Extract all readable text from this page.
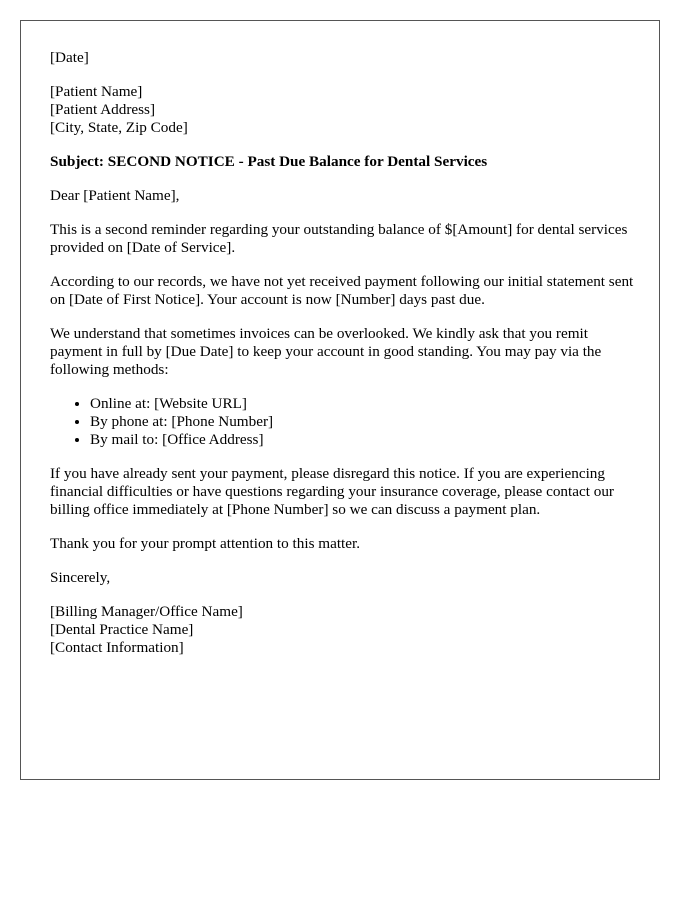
[Date]

[Patient Name]
[Patient Address]
[City, State, Zip Code]

Subject: SECOND NOTICE - Past Due Balance for Dental Services

Dear [Patient Name],

This is a second reminder regarding your outstanding balance of $[Amount] for dental services provided on [Date of Service].

According to our records, we have not yet received payment following our initial statement sent on [Date of First Notice]. Your account is now [Number] days past due.

We understand that sometimes invoices can be overlooked. We kindly ask that you remit payment in full by [Due Date] to keep your account in good standing. You may pay via the following methods:

• Online at: [Website URL]
• By phone at: [Phone Number]
• By mail to: [Office Address]

If you have already sent your payment, please disregard this notice. If you are experiencing financial difficulties or have questions regarding your insurance coverage, please contact our billing office immediately at [Phone Number] so we can discuss a payment plan.

Thank you for your prompt attention to this matter.

Sincerely,

[Billing Manager/Office Name]
[Dental Practice Name]
[Contact Information]
